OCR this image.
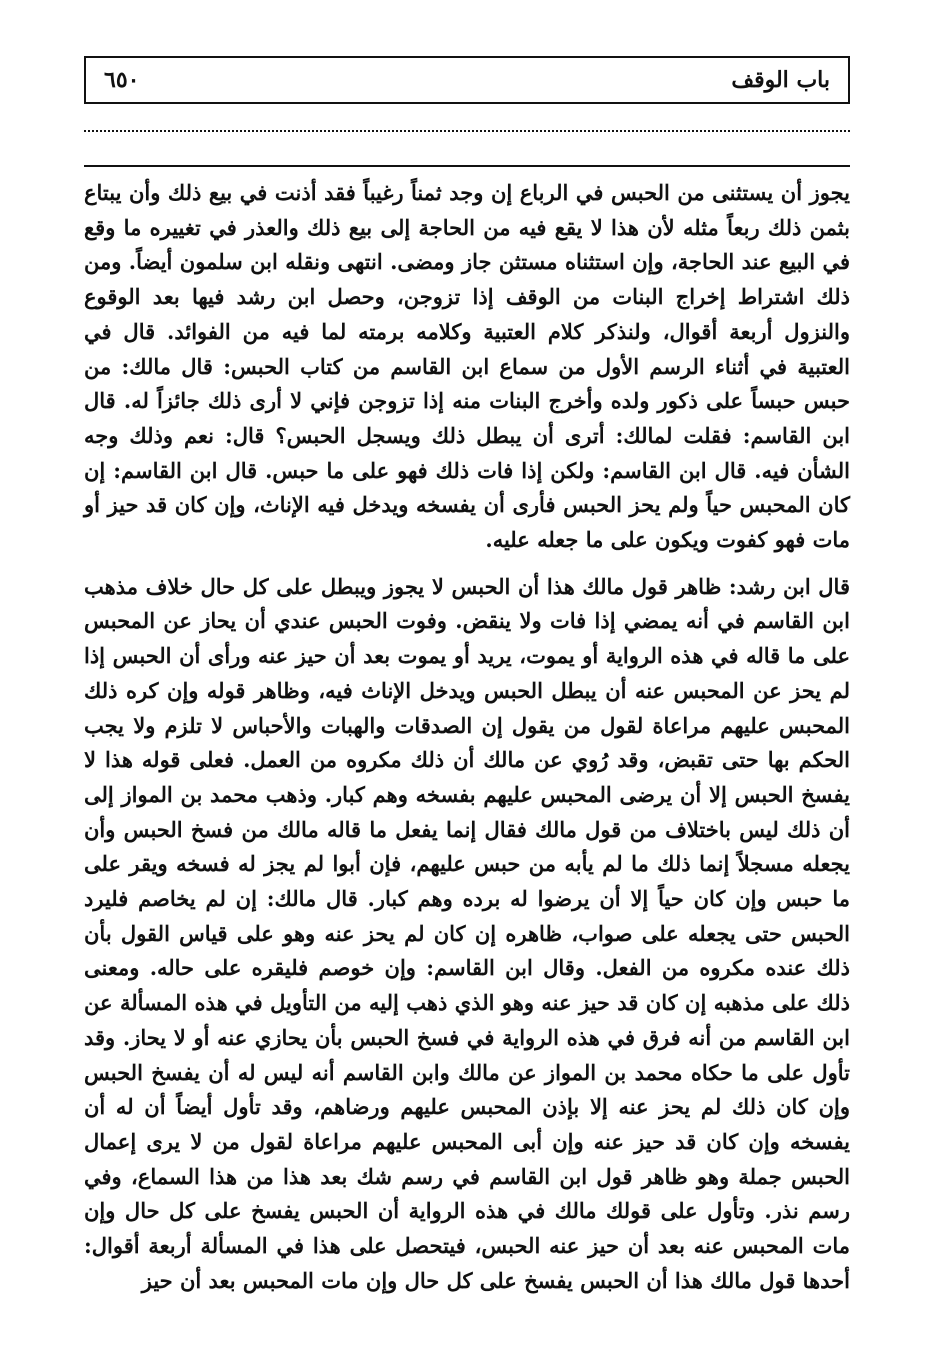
٦٥٠	باب الوقف

يجوز أن يستثنى من الحبس في الرباع إن وجد ثمناً رغيباً فقد أذنت في بيع ذلك وأن يبتاع بثمن ذلك ربعاً مثله لأن هذا لا يقع فيه من الحاجة إلى بيع ذلك والعذر في تغييره ما وقع في البيع عند الحاجة، وإن استثناه مستثن جاز ومضى. انتهى ونقله ابن سلمون أيضاً. ومن ذلك اشتراط إخراج البنات من الوقف إذا تزوجن، وحصل ابن رشد فيها بعد الوقوع والنزول أربعة أقوال، ولنذكر كلام العتبية وكلامه برمته لما فيه من الفوائد. قال في العتبية في أثناء الرسم الأول من سماع ابن القاسم من كتاب الحبس: قال مالك: من حبس حبساً على ذكور ولده وأخرج البنات منه إذا تزوجن فإني لا أرى ذلك جائزاً له. قال ابن القاسم: فقلت لمالك: أترى أن يبطل ذلك ويسجل الحبس؟ قال: نعم وذلك وجه الشأن فيه. قال ابن القاسم: ولكن إذا فات ذلك فهو على ما حبس. قال ابن القاسم: إن كان المحبس حياً ولم يحز الحبس فأرى أن يفسخه ويدخل فيه الإناث، وإن كان قد حيز أو مات فهو كفوت ويكون على ما جعله عليه.

قال ابن رشد: ظاهر قول مالك هذا أن الحبس لا يجوز ويبطل على كل حال خلاف مذهب ابن القاسم في أنه يمضي إذا فات ولا ينقض. وفوت الحبس عندي أن يحاز عن المحبس على ما قاله في هذه الرواية أو يموت، يريد أو يموت بعد أن حيز عنه ورأى أن الحبس إذا لم يحز عن المحبس عنه أن يبطل الحبس ويدخل الإناث فيه، وظاهر قوله وإن كره ذلك المحبس عليهم مراعاة لقول من يقول إن الصدقات والهبات والأحباس لا تلزم ولا يجب الحكم بها حتى تقبض، وقد رُوي عن مالك أن ذلك مكروه من العمل. فعلى قوله هذا لا يفسخ الحبس إلا أن يرضى المحبس عليهم بفسخه وهم كبار. وذهب محمد بن المواز إلى أن ذلك ليس باختلاف من قول مالك فقال إنما يفعل ما قاله مالك من فسخ الحبس وأن يجعله مسجلاً إنما ذلك ما لم يأبه من حبس عليهم، فإن أبوا لم يجز له فسخه ويقر على ما حبس وإن كان حياً إلا أن يرضوا له برده وهم كبار. قال مالك: إن لم يخاصم فليرد الحبس حتى يجعله على صواب، ظاهره إن كان لم يحز عنه وهو على قياس القول بأن ذلك عنده مكروه من الفعل. وقال ابن القاسم: وإن خوصم فليقره على حاله. ومعنى ذلك على مذهبه إن كان قد حيز عنه وهو الذي ذهب إليه من التأويل في هذه المسألة عن ابن القاسم من أنه فرق في هذه الرواية في فسخ الحبس بأن يحازي عنه أو لا يحاز. وقد تأول على ما حكاه محمد بن المواز عن مالك وابن القاسم أنه ليس له أن يفسخ الحبس وإن كان ذلك لم يحز عنه إلا بإذن المحبس عليهم ورضاهم، وقد تأول أيضاً أن له أن يفسخه وإن كان قد حيز عنه وإن أبى المحبس عليهم مراعاة لقول من لا يرى إعمال الحبس جملة وهو ظاهر قول ابن القاسم في رسم شك بعد هذا من هذا السماع، وفي رسم نذر. وتأول على قولك مالك في هذه الرواية أن الحبس يفسخ على كل حال وإن مات المحبس عنه بعد أن حيز عنه الحبس، فيتحصل على هذا في المسألة أربعة أقوال: أحدها قول مالك هذا أن الحبس يفسخ على كل حال وإن مات المحبس بعد أن حيز
